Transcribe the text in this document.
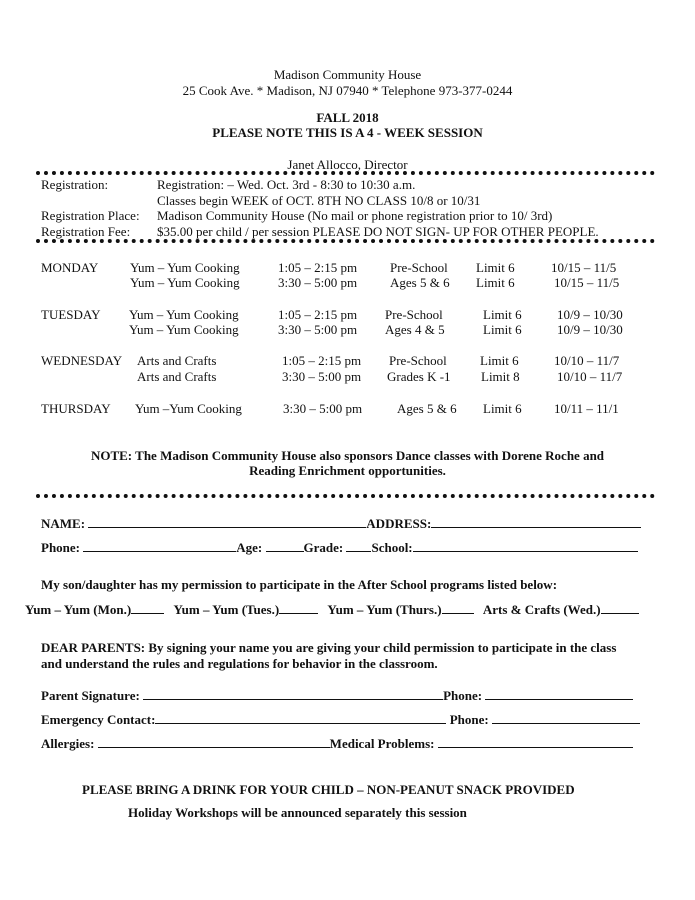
Madison Community House
25 Cook Ave. * Madison, NJ 07940 * Telephone 973-377-0244
FALL 2018
PLEASE NOTE THIS IS A 4 - WEEK SESSION
Janet Allocco, Director
Registration:	Registration: – Wed. Oct. 3rd - 8:30 to 10:30 a.m.
Classes begin WEEK of OCT. 8TH NO CLASS 10/8 or 10/31
Registration Place: Madison Community House (No mail or phone registration prior to 10/ 3rd)
Registration Fee: $35.00 per child / per session PLEASE DO NOT SIGN- UP FOR OTHER PEOPLE.
MONDAY Yum – Yum Cooking	1:05 – 2:15 pm	Pre-School Limit 6	10/15 – 11/5
Yum – Yum Cooking	3:30 – 5:00 pm	Ages 5 & 6 Limit 6	10/15 – 11/5
TUESDAY Yum – Yum Cooking	1:05 – 2:15 pm Pre-School	Limit 6	10/9 – 10/30
Yum – Yum Cooking	3:30 – 5:00 pm Ages 4 & 5	Limit 6	10/9 – 10/30
WEDNESDAY Arts and Crafts	1:05 – 2:15 pm Pre-School	Limit 6	10/10 – 11/7
Arts and Crafts	3:30 – 5:00 pm Grades K -1 Limit 8	10/10 – 11/7
THURSDAY Yum –Yum Cooking	3:30 – 5:00 pm	Ages 5 & 6 Limit 6 10/11 – 11/1
NOTE: The Madison Community House also sponsors Dance classes with Dorene Roche and
Reading Enrichment opportunities.
NAME:	ADDRESS:
Phone:	Age:	Grade: School:
My son/daughter has my permission to participate in the After School programs listed below:
Yum – Yum (Mon.)	Yum – Yum (Tues.)	Yum – Yum (Thurs.)	Arts & Crafts (Wed.)
DEAR PARENTS: By signing your name you are giving your child permission to participate in the class
and understand the rules and regulations for behavior in the classroom.
Parent Signature:	Phone:
Emergency Contact:	Phone:
Allergies:	Medical Problems:
PLEASE BRING A DRINK FOR YOUR CHILD – NON-PEANUT SNACK PROVIDED
Holiday Workshops will be announced separately this session
